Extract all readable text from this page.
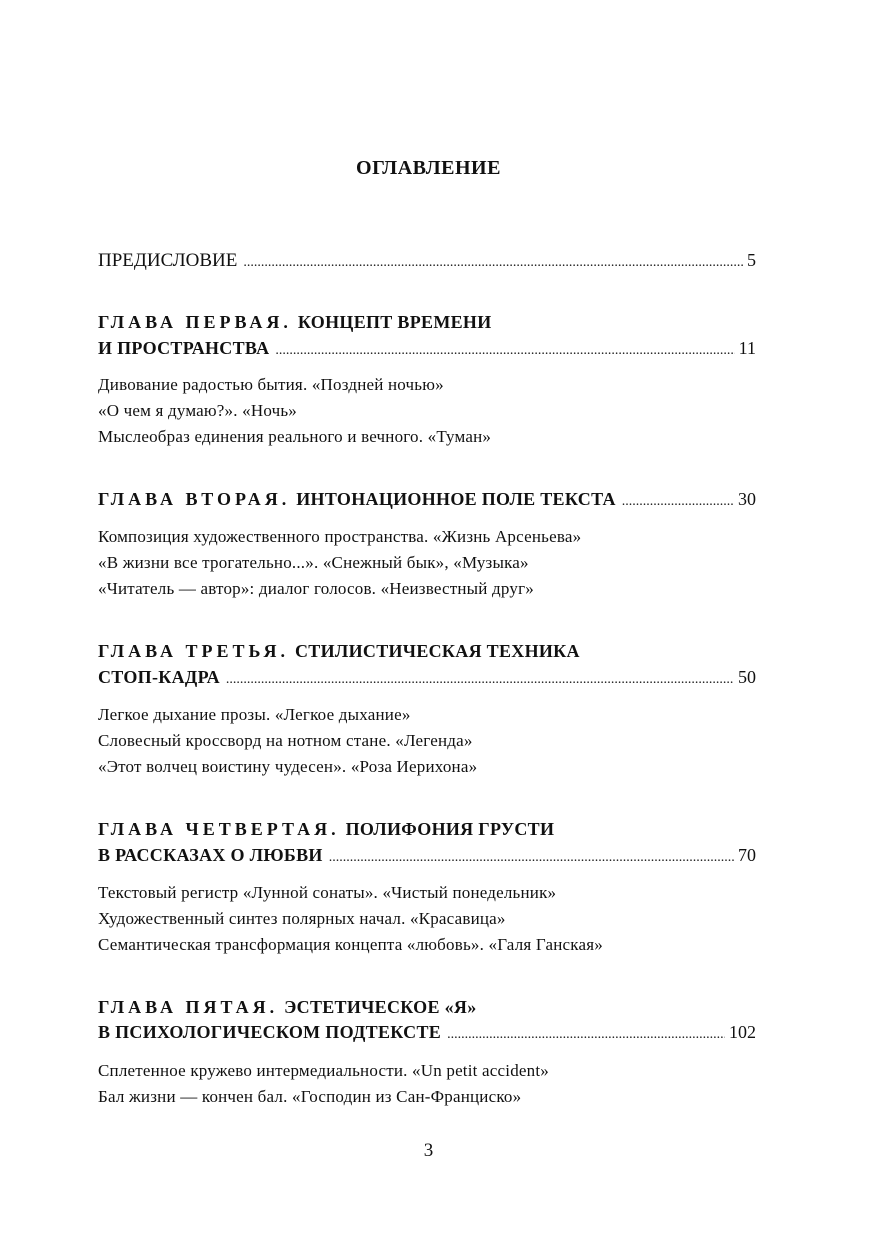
ОГЛАВЛЕНИЕ
ПРЕДИСЛОВИЕ .....	5
ГЛАВА ПЕРВАЯ. КОНЦЕПТ ВРЕМЕНИ
И ПРОСТРАНСТВА .....	11
Дивование радостью бытия. «Поздней ночью»
«О чем я думаю?». «Ночь»
Мыслеобраз единения реального и вечного. «Туман»
ГЛАВА ВТОРАЯ. ИНТОНАЦИОННОЕ ПОЛЕ ТЕКСТА .....	30
Композиция художественного пространства. «Жизнь Арсеньева»
«В жизни все трогательно...». «Снежный бык», «Музыка»
«Читатель — автор»: диалог голосов. «Неизвестный друг»
ГЛАВА ТРЕТЬЯ. СТИЛИСТИЧЕСКАЯ ТЕХНИКА
СТОП-КАДРА .....	50
Легкое дыхание прозы. «Легкое дыхание»
Словесный кроссворд на нотном стане. «Легенда»
«Этот волчец воистину чудесен». «Роза Иерихона»
ГЛАВА ЧЕТВЕРТАЯ. ПОЛИФОНИЯ ГРУСТИ
В РАССКАЗАХ О ЛЮБВИ .....	70
Текстовый регистр «Лунной сонаты». «Чистый понедельник»
Художественный синтез полярных начал. «Красавица»
Семантическая трансформация концепта «любовь». «Галя Ганская»
ГЛАВА ПЯТАЯ. ЭСТЕТИЧЕСКОЕ «Я»
В ПСИХОЛОГИЧЕСКОМ ПОДТЕКСТЕ .....	102
Сплетенное кружево интермедиальности. «Un petit accident»
Бал жизни — кончен бал. «Господин из Сан-Франциско»
3
